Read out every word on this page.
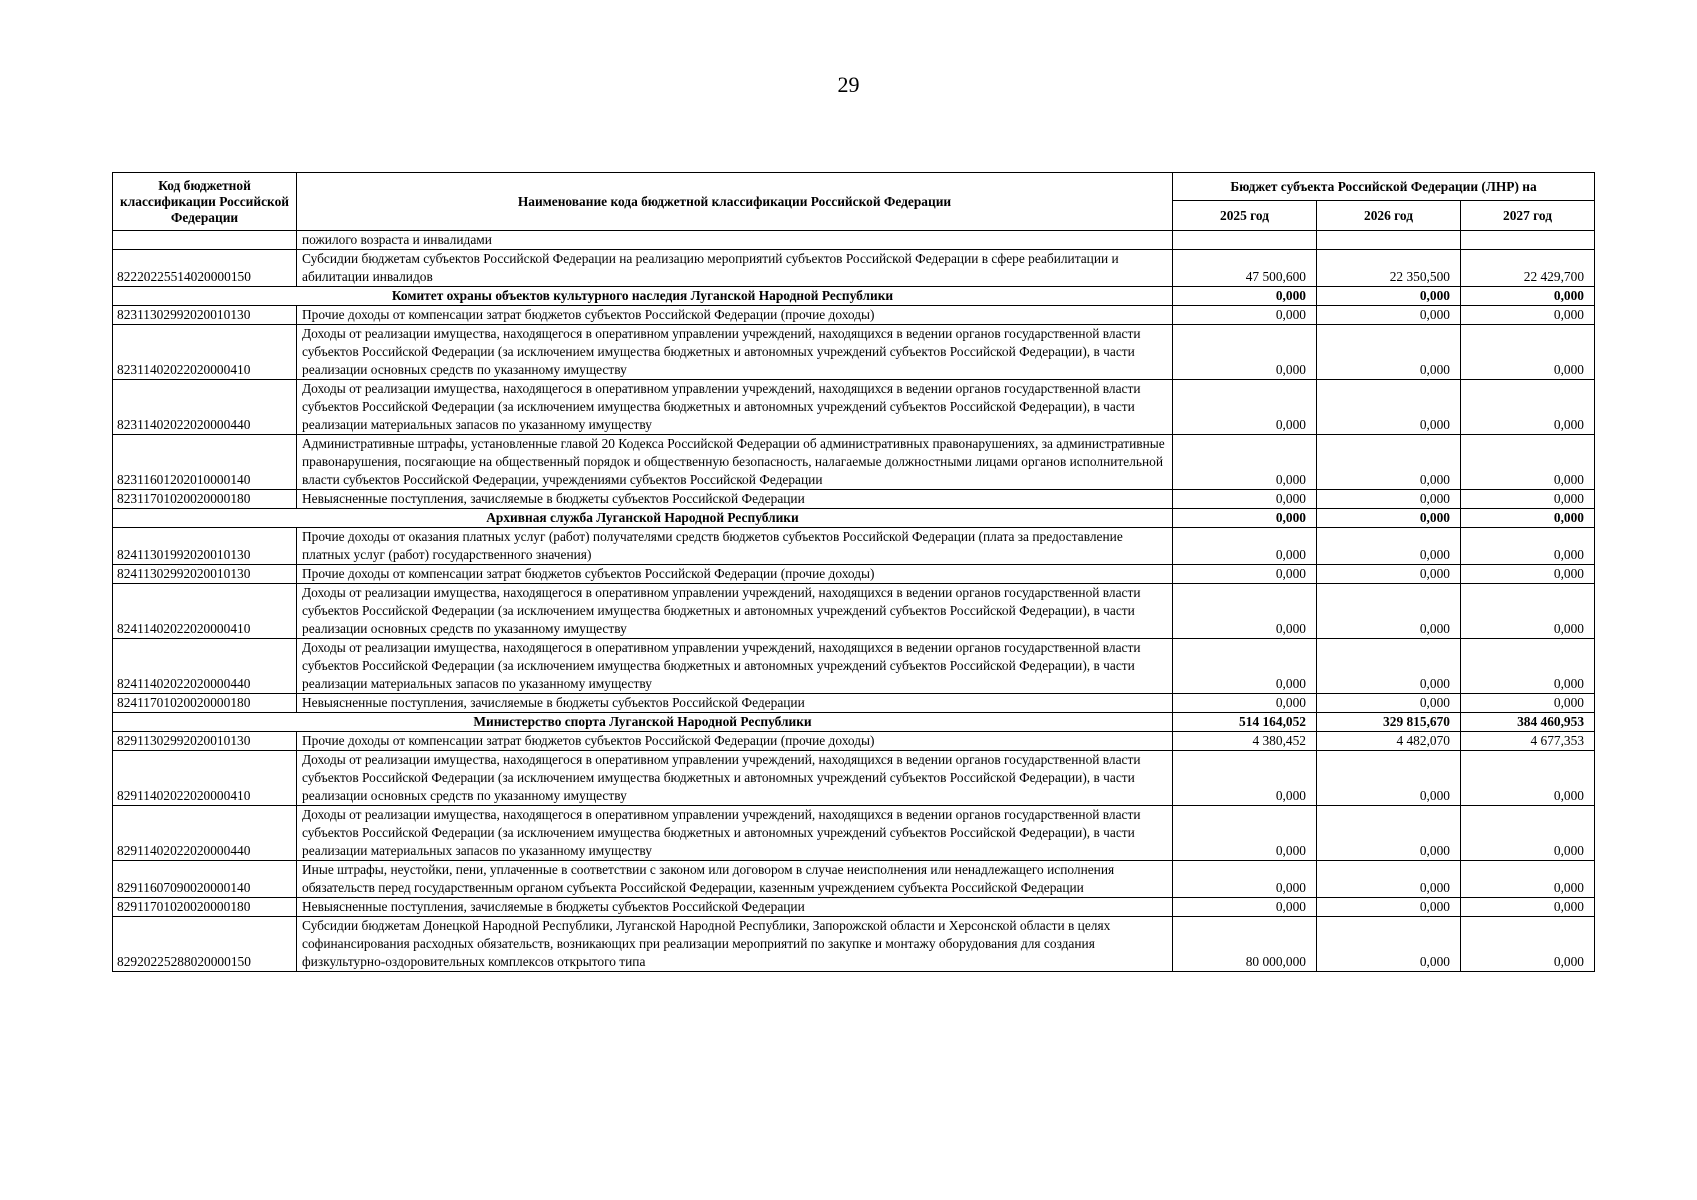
29
Код бюджетной классификации Российской Федерации	Наименование кода бюджетной классификации Российской Федерации	Бюджет субъекта Российской Федерации (ЛНР) на		
		2025 год	2026 год	2027 год
	пожилого возраста и инвалидами			
82220225514020000150	Субсидии бюджетам субъектов Российской Федерации на реализацию мероприятий субъектов Российской Федерации в сфере реабилитации и абилитации инвалидов	47 500,600	22 350,500	22 429,700
Комитет охраны объектов культурного наследия Луганской Народной Республики		0,000	0,000	0,000
82311302992020010130	Прочие доходы от компенсации затрат бюджетов субъектов Российской Федерации (прочие доходы)	0,000	0,000	0,000
82311402022020000410	Доходы от реализации имущества, находящегося в оперативном управлении учреждений, находящихся в ведении органов государственной власти субъектов Российской Федерации (за исключением имущества бюджетных и автономных учреждений субъектов Российской Федерации), в части реализации основных средств по указанному имуществу	0,000	0,000	0,000
82311402022020000440	Доходы от реализации имущества, находящегося в оперативном управлении учреждений, находящихся в ведении органов государственной власти субъектов Российской Федерации (за исключением имущества бюджетных и автономных учреждений субъектов Российской Федерации), в части реализации материальных запасов по указанному имуществу	0,000	0,000	0,000
82311601202010000140	Административные штрафы, установленные главой 20 Кодекса Российской Федерации об административных правонарушениях, за административные правонарушения, посягающие на общественный порядок и общественную безопасность, налагаемые должностными лицами органов исполнительной власти субъектов Российской Федерации, учреждениями субъектов Российской Федерации	0,000	0,000	0,000
82311701020020000180	Невыясненные поступления, зачисляемые в бюджеты субъектов Российской Федерации	0,000	0,000	0,000
Архивная служба Луганской Народной Республики		0,000	0,000	0,000
82411301992020010130	Прочие доходы от оказания платных услуг (работ) получателями средств бюджетов субъектов Российской Федерации (плата за предоставление платных услуг (работ) государственного значения)	0,000	0,000	0,000
82411302992020010130	Прочие доходы от компенсации затрат бюджетов субъектов Российской Федерации (прочие доходы)	0,000	0,000	0,000
82411402022020000410	Доходы от реализации имущества, находящегося в оперативном управлении учреждений, находящихся в ведении органов государственной власти субъектов Российской Федерации (за исключением имущества бюджетных и автономных учреждений субъектов Российской Федерации), в части реализации основных средств по указанному имуществу	0,000	0,000	0,000
82411402022020000440	Доходы от реализации имущества, находящегося в оперативном управлении учреждений, находящихся в ведении органов государственной власти субъектов Российской Федерации (за исключением имущества бюджетных и автономных учреждений субъектов Российской Федерации), в части реализации материальных запасов по указанному имуществу	0,000	0,000	0,000
82411701020020000180	Невыясненные поступления, зачисляемые в бюджеты субъектов Российской Федерации	0,000	0,000	0,000
Министерство спорта Луганской Народной Республики		514 164,052	329 815,670	384 460,953
82911302992020010130	Прочие доходы от компенсации затрат бюджетов субъектов Российской Федерации (прочие доходы)	4 380,452	4 482,070	4 677,353
82911402022020000410	Доходы от реализации имущества, находящегося в оперативном управлении учреждений, находящихся в ведении органов государственной власти субъектов Российской Федерации (за исключением имущества бюджетных и автономных учреждений субъектов Российской Федерации), в части реализации основных средств по указанному имуществу	0,000	0,000	0,000
82911402022020000440	Доходы от реализации имущества, находящегося в оперативном управлении учреждений, находящихся в ведении органов государственной власти субъектов Российской Федерации (за исключением имущества бюджетных и автономных учреждений субъектов Российской Федерации), в части реализации материальных запасов по указанному имуществу	0,000	0,000	0,000
82911607090020000140	Иные штрафы, неустойки, пени, уплаченные в соответствии с законом или договором в случае неисполнения или ненадлежащего исполнения обязательств перед государственным органом субъекта Российской Федерации, казенным учреждением субъекта Российской Федерации	0,000	0,000	0,000
82911701020020000180	Невыясненные поступления, зачисляемые в бюджеты субъектов Российской Федерации	0,000	0,000	0,000
82920225288020000150	Субсидии бюджетам Донецкой Народной Республики, Луганской Народной Республики, Запорожской области и Херсонской области в целях софинансирования расходных обязательств, возникающих при реализации мероприятий по закупке и монтажу оборудования для создания физкультурно-оздоровительных комплексов открытого типа	80 000,000	0,000	0,000
